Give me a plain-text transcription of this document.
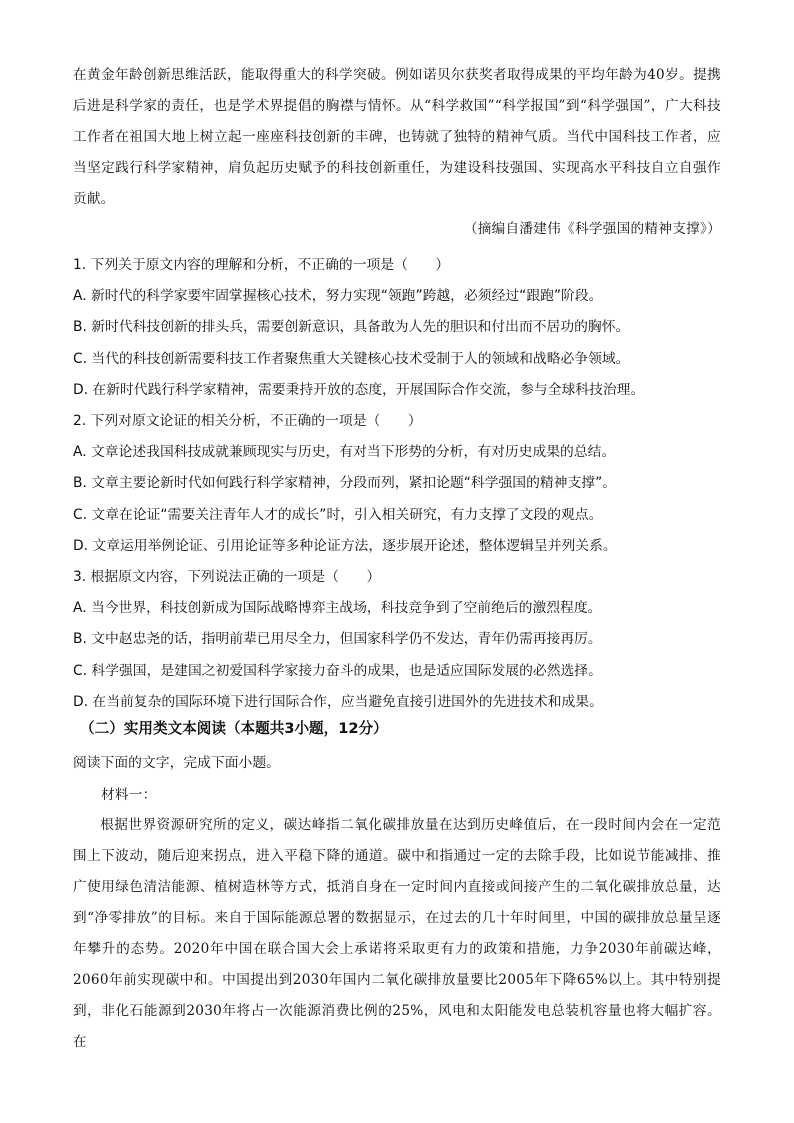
在黄金年龄创新思维活跃，能取得重大的科学突破。例如诺贝尔获奖者取得成果的平均年龄为40岁。提携后进是科学家的责任，也是学术界提倡的胸襟与情怀。从“科学救国”“科学报国”到“科学强国”，广大科技工作者在祖国大地上树立起一座座科技创新的丰碑，也铸就了独特的精神气质。当代中国科技工作者，应当坚定践行科学家精神，肩负起历史赋予的科技创新重任，为建设科技强国、实现高水平科技自立自强作贡献。

（摘编自潘建伟《科学强国的精神支撑》）
1. 下列关于原文内容的理解和分析，不正确的一项是（　　）
A. 新时代的科学家要牢固掌握核心技术，努力实现“领跑”跨越，必须经过“跟跑”阶段。
B. 新时代科技创新的排头兵，需要创新意识，具备敢为人先的胆识和付出而不居功的胸怀。
C. 当代的科技创新需要科技工作者聚焦重大关键核心技术受制于人的领域和战略必争领域。
D. 在新时代践行科学家精神，需要秉持开放的态度，开展国际合作交流，参与全球科技治理。
2. 下列对原文论证的相关分析，不正确的一项是（　　）
A. 文章论述我国科技成就兼顾现实与历史，有对当下形势的分析，有对历史成果的总结。
B. 文章主要论新时代如何践行科学家精神，分段而列，紧扣论题“科学强国的精神支撑”。
C. 文章在论证“需要关注青年人才的成长”时，引入相关研究，有力支撑了文段的观点。
D. 文章运用举例论证、引用论证等多种论证方法，逐步展开论述，整体逻辑呈并列关系。
3. 根据原文内容，下列说法正确的一项是（　　）
A. 当今世界，科技创新成为国际战略博弈主战场，科技竞争到了空前绝后的激烈程度。
B. 文中赵忠尧的话，指明前辈已用尽全力，但国家科学仍不发达，青年仍需再接再厉。
C. 科学强国，是建国之初爱国科学家接力奋斗的成果，也是适应国际发展的必然选择。
D. 在当前复杂的国际环境下进行国际合作，应当避免直接引进国外的先进技术和成果。
（二）实用类文本阅读（本题共3小题，12分）
阅读下面的文字，完成下面小题。
材料一：

根据世界资源研究所的定义，碳达峰指二氧化碳排放量在达到历史峰值后，在一段时间内会在一定范围上下波动，随后迎来拐点，进入平稳下降的通道。碳中和指通过一定的去除手段，比如说节能减排、推广使用绿色清洁能源、植树造林等方式，抵消自身在一定时间内直接或间接产生的二氧化碳排放总量，达到“净零排放”的目标。来自于国际能源总署的数据显示，在过去的几十年时间里，中国的碳排放总量呈逐年攀升的态势。2020年中国在联合国大会上承诺将采取更有力的政策和措施，力争2030年前碳达峰，2060年前实现碳中和。中国提出到2030年国内二氧化碳排放量要比2005年下降65%以上。其中特别提到，非化石能源到2030年将占一次能源消费比例的25%，风电和太阳能发电总装机容量也将大幅扩容。在
